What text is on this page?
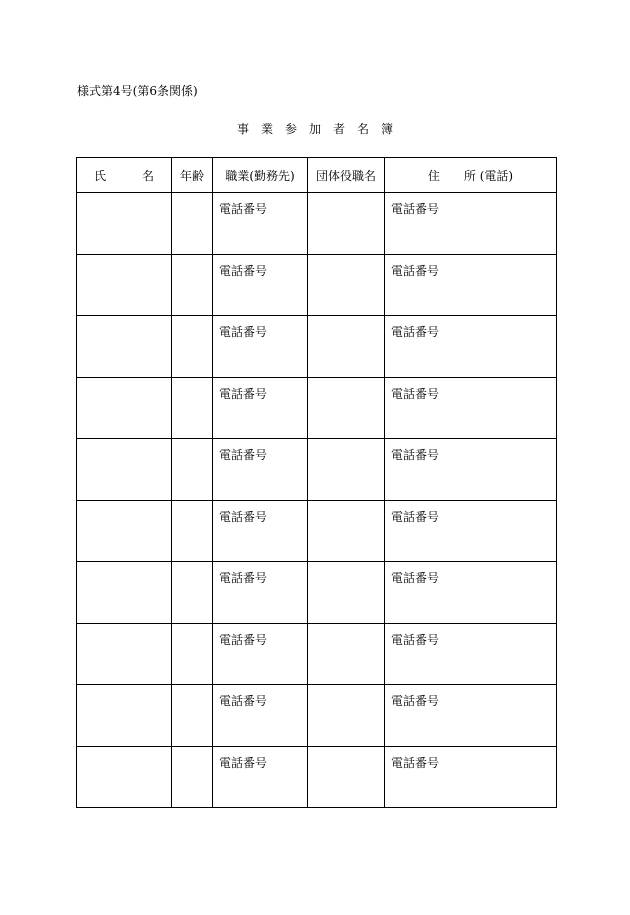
様式第4号(第6条関係)
事　業　参　加　者　名　簿
氏　　　名	年齢	職業(勤務先)	団体役職名	住　　所 (電話)

		電話番号		電話番号

		電話番号		電話番号

		電話番号		電話番号

		電話番号		電話番号

		電話番号		電話番号

		電話番号		電話番号

		電話番号		電話番号

		電話番号		電話番号

		電話番号		電話番号

		電話番号		電話番号
